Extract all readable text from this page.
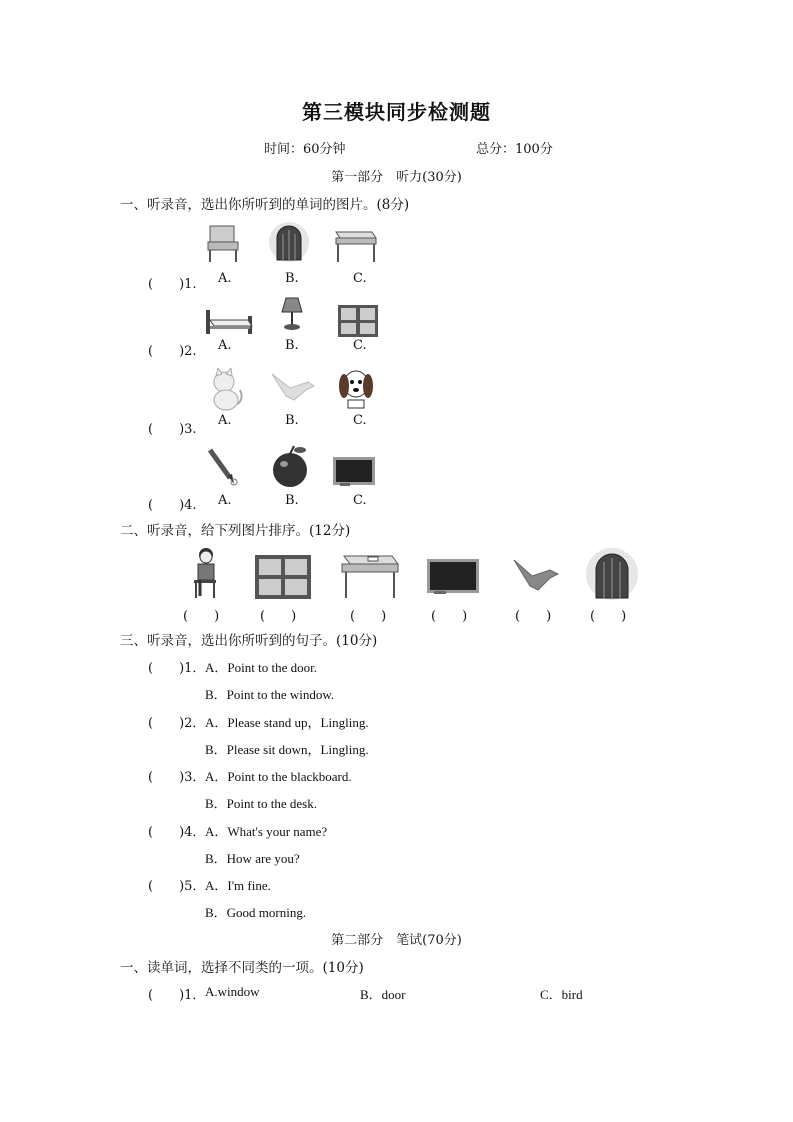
第三模块同步检测题
时间：60分钟	总分：100分
第一部分　听力(30分)
一、听录音，选出你所听到的单词的图片。(8分)
(　　)1. A.	B.	C.
(　　)2. A.	B.	C.
(　　)3.
A.	B.	C.
(　　)4. A.	B.	C.
二、听录音，给下列图片排序。(12分)
(　　)	(　　)	(　　)	(　　)	(　　)	(　　)
三、听录音，选出你所听到的句子。(10分)
(　　)1． A．Point to the door.
B．Point to the window.
(　　)2． A．Please stand up，Lingling.
B．Please sit down，Lingling.
(　　)3． A．Point to the blackboard.
B．Point to the desk.
(　　)4． A．What's your name?
B．How are you?
(　　)5． A．I'm fine.
B．Good morning.
第二部分　笔试(70分)
一、读单词，选择不同类的一项。(10分)
(　　)1． A.window	B．door	C．bird
